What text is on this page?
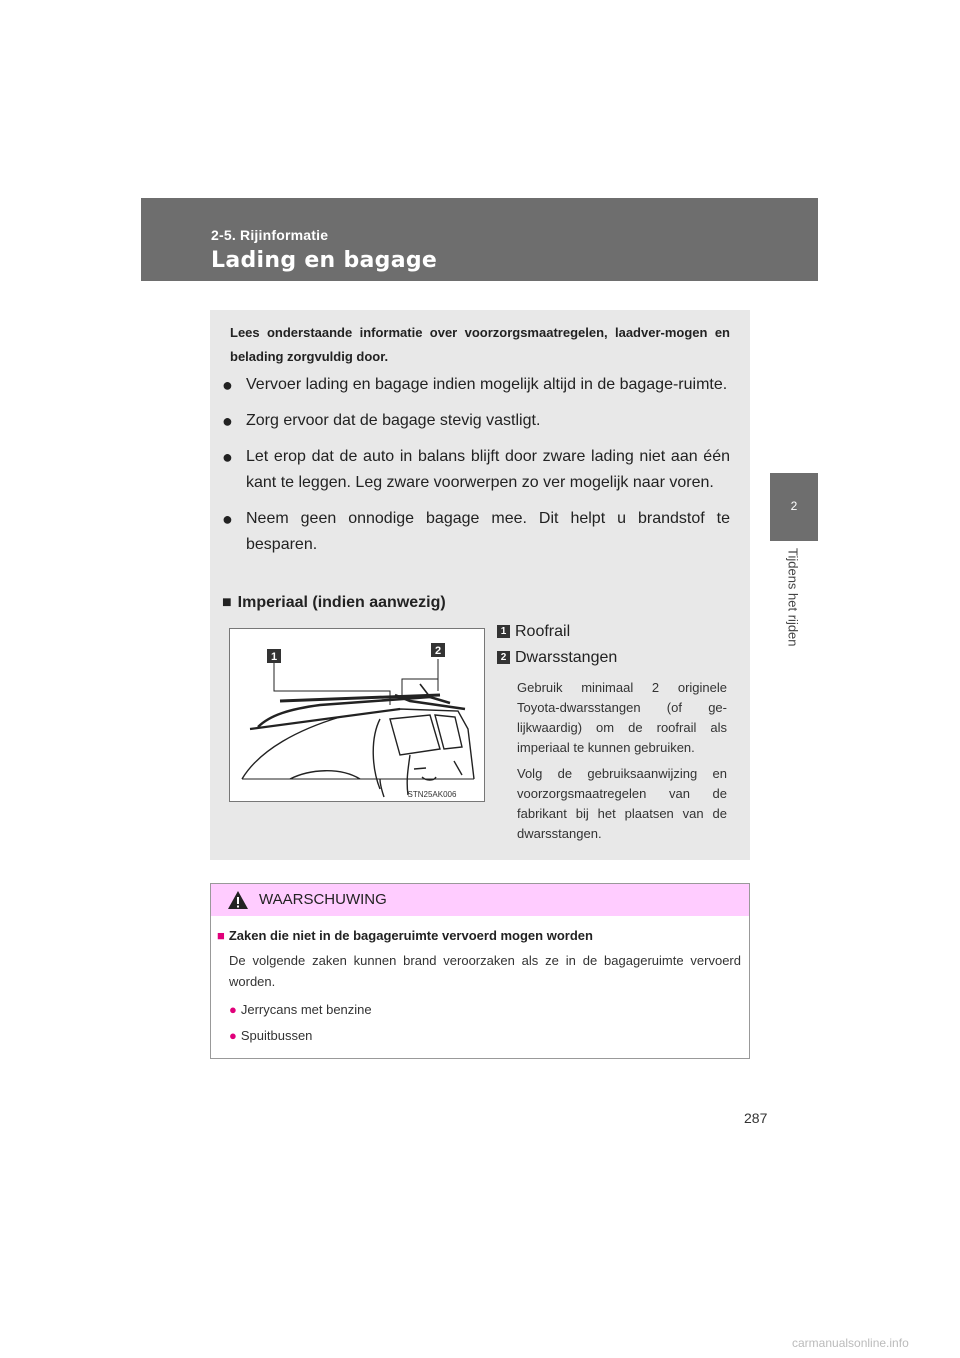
2-5. Rijinformatie
Lading en bagage
2
Tijdens het rijden
Lees onderstaande informatie over voorzorgsmaatregelen, laadver-mogen en belading zorgvuldig door.
● Vervoer lading en bagage indien mogelijk altijd in de bagage-ruimte.
● Zorg ervoor dat de bagage stevig vastligt.
● Let erop dat de auto in balans blijft door zware lading niet aan één kant te leggen. Leg zware voorwerpen zo ver mogelijk naar voren.
● Neem geen onnodige bagage mee. Dit helpt u brandstof te besparen.
■ Imperiaal (indien aanwezig)
1	2
STN25AK006
1 Roofrail
2 Dwarsstangen
Gebruik minimaal 2 originele Toyota-dwarsstangen (of ge-lijkwaardig) om de roofrail als imperiaal te kunnen gebruiken.
Volg de gebruiksaanwijzing en voorzorgsmaatregelen van de fabrikant bij het plaatsen van de dwarsstangen.
WAARSCHUWING
■ Zaken die niet in de bagageruimte vervoerd mogen worden
De volgende zaken kunnen brand veroorzaken als ze in de bagageruimte vervoerd worden.
● Jerrycans met benzine
● Spuitbussen
287
carmanualsonline.info
